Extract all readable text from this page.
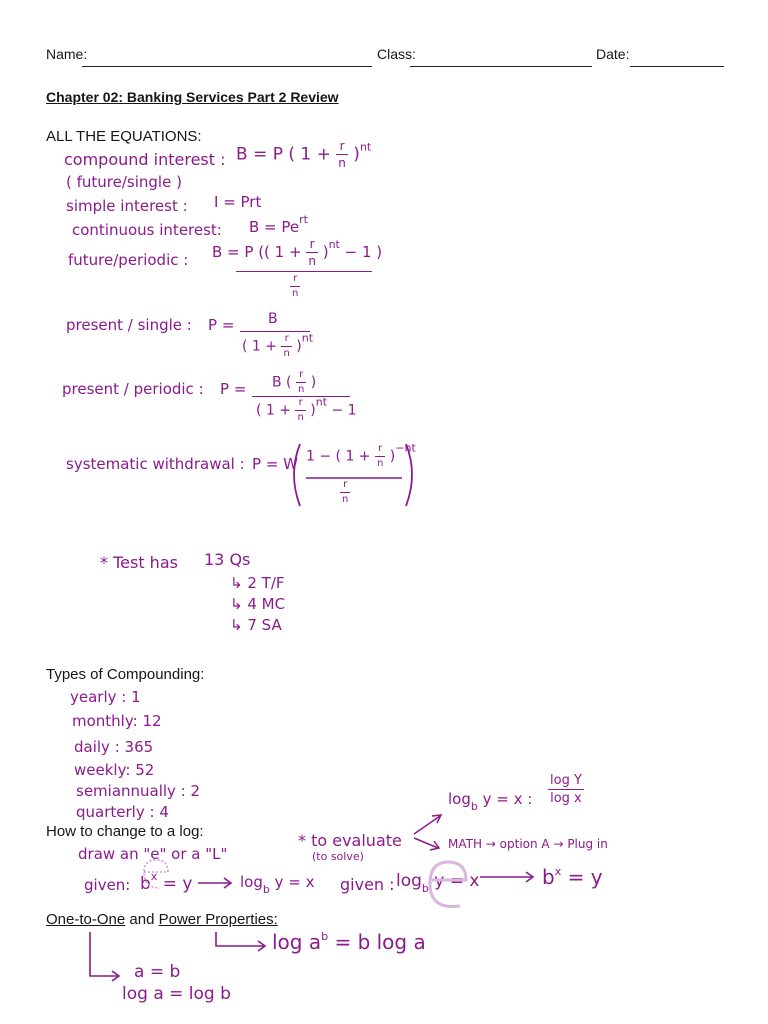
Name:	Class:	Date:
Chapter 02: Banking Services Part 2 Review
ALL THE EQUATIONS:
compound interest : B = P ( $1 + \frac{r}{n} )^{nt}$
( future/single )
simple interest : I = Prt
continuous interest: $B = Pe^{rt}$
future/periodic : B = P (( $1 + \frac{r}{n} )^{nt} - 1$ )
$\frac{r}{n}$
present / single : P = B
( $1 + \frac{r}{n} )^{nt}$
present / periodic : P = B ( $\frac{r}{n}$ )
( $1 + \frac{r}{n} )^{nt} - 1$
systematic withdrawal : P = W 1 − ( $1 + \frac{r}{n} )^{-nt}$
$\frac{r}{n}$
* Test has 13 Qs
↳ 2 T/F
↳ 4 MC
↳ 7 SA
Types of Compounding:
yearly : 1
monthly: 12
daily : 365
weekly: 52
semiannually : 2
quarterly : 4
How to change to a log:
draw an "e" or a "L"
given: $b^x = y$	$\log_b y = x$ given : $\log_b y = x$	$b^x = y$
* to evaluate
(to solve)
$\log_b y = x$ : $\frac{\text{log Y}}{\text{log x}}$
MATH → option A → Plug in
One-to-One and Power Properties:
$\log a^b = b$ log a
a = b
log a = log b
